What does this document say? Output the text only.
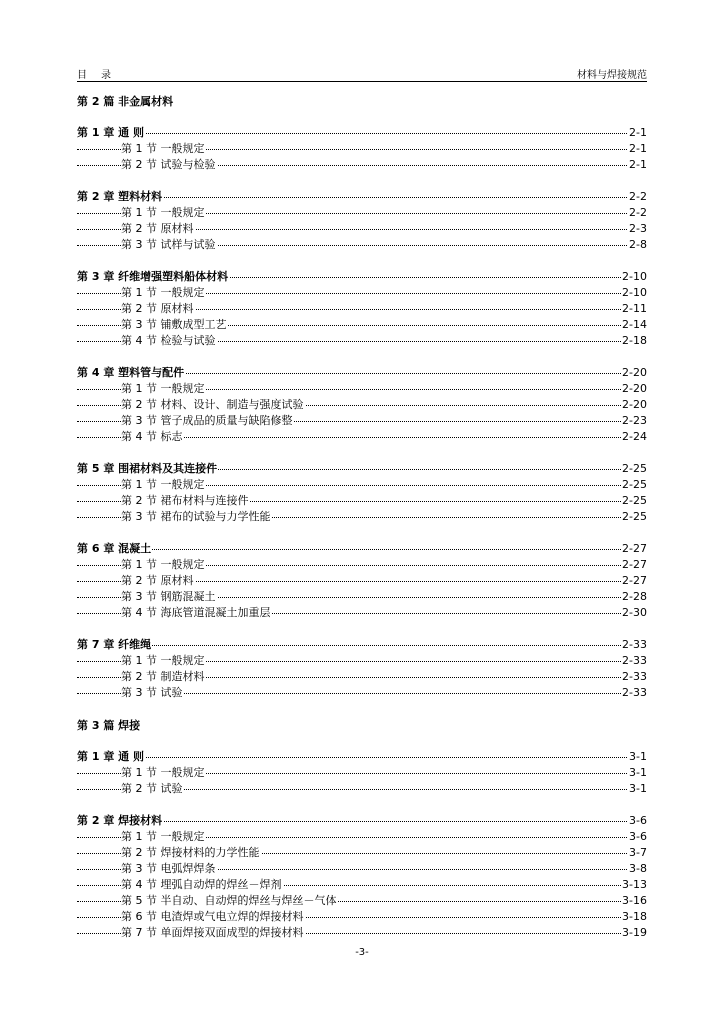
目　录	材料与焊接规范
第 2 篇 非金属材料
第 1 章 通 则	2-1
第 1 节 一般规定	2-1
第 2 节 试验与检验	2-1
第 2 章 塑料材料	2-2
第 1 节 一般规定	2-2
第 2 节 原材料	2-3
第 3 节 试样与试验	2-8
第 3 章 纤维增强塑料船体材料	2-10
第 1 节 一般规定	2-10
第 2 节 原材料	2-11
第 3 节 铺敷成型工艺	2-14
第 4 节 检验与试验	2-18
第 4 章 塑料管与配件	2-20
第 1 节 一般规定	2-20
第 2 节 材料、设计、制造与强度试验	2-20
第 3 节 管子成品的质量与缺陷修整	2-23
第 4 节 标志	2-24
第 5 章 围裙材料及其连接件	2-25
第 1 节 一般规定	2-25
第 2 节 裙布材料与连接件	2-25
第 3 节 裙布的试验与力学性能	2-25
第 6 章 混凝土	2-27
第 1 节 一般规定	2-27
第 2 节 原材料	2-27
第 3 节 钢筋混凝土	2-28
第 4 节 海底管道混凝土加重层	2-30
第 7 章 纤维绳	2-33
第 1 节 一般规定	2-33
第 2 节 制造材料	2-33
第 3 节 试验	2-33
第 3 篇 焊接
第 1 章 通 则	3-1
第 1 节 一般规定	3-1
第 2 节 试验	3-1
第 2 章 焊接材料	3-6
第 1 节 一般规定	3-6
第 2 节 焊接材料的力学性能	3-7
第 3 节 电弧焊焊条	3-8
第 4 节 埋弧自动焊的焊丝－焊剂	3-13
第 5 节 半自动、自动焊的焊丝与焊丝－气体	3-16
第 6 节 电渣焊或气电立焊的焊接材料	3-18
第 7 节 单面焊接双面成型的焊接材料	3-19
-3-
